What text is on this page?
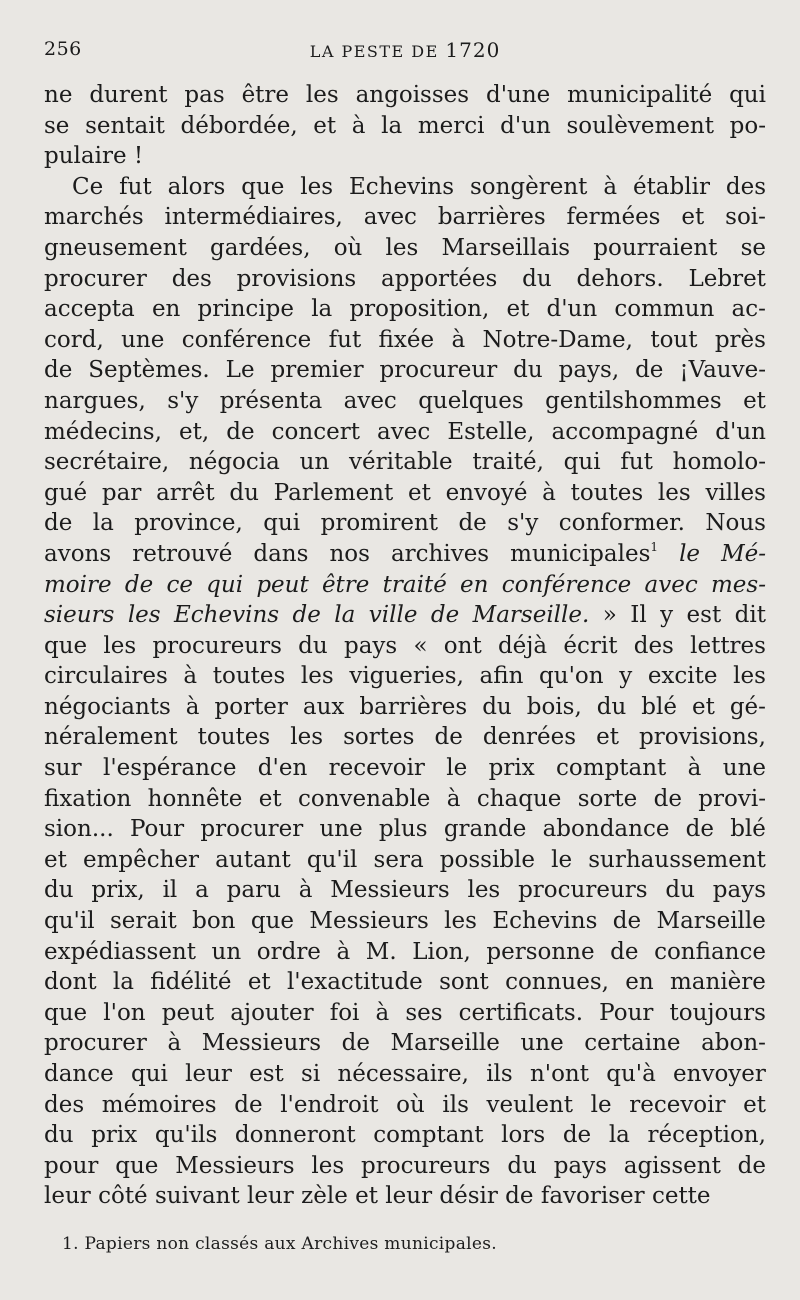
256	LA PESTE DE 1720
ne durent pas être les angoisses d'une municipalité qui
se sentait débordée, et à la merci d'un soulèvement po-
pulaire !
Ce fut alors que les Echevins songèrent à établir des
marchés intermédiaires, avec barrières fermées et soi-
gneusement gardées, où les Marseillais pourraient se
procurer des provisions apportées du dehors. Lebret
accepta en principe la proposition, et d'un commun ac-
cord, une conférence fut fixée à Notre-Dame, tout près
de Septèmes. Le premier procureur du pays, de ¡Vauve-
nargues, s'y présenta avec quelques gentilshommes et
médecins, et, de concert avec Estelle, accompagné d'un
secrétaire, négocia un véritable traité, qui fut homolo-
gué par arrêt du Parlement et envoyé à toutes les villes
de la province, qui promirent de s'y conformer. Nous
avons retrouvé dans nos archives municipales$^1$ le Mé-
moire de ce qui peut être traité en conférence avec mes-
sieurs les Echevins de la ville de Marseille. » Il y est dit
que les procureurs du pays « ont déjà écrit des lettres
circulaires à toutes les vigueries, afin qu'on y excite les
négociants à porter aux barrières du bois, du blé et gé-
néralement toutes les sortes de denrées et provisions,
sur l'espérance d'en recevoir le prix comptant à une
fixation honnête et convenable à chaque sorte de provi-
sion... Pour procurer une plus grande abondance de blé
et empêcher autant qu'il sera possible le surhaussement
du prix, il a paru à Messieurs les procureurs du pays
qu'il serait bon que Messieurs les Echevins de Marseille
expédiassent un ordre à M. Lion, personne de confiance
dont la fidélité et l'exactitude sont connues, en manière
que l'on peut ajouter foi à ses certificats. Pour toujours
procurer à Messieurs de Marseille une certaine abon-
dance qui leur est si nécessaire, ils n'ont qu'à envoyer
des mémoires de l'endroit où ils veulent le recevoir et
du prix qu'ils donneront comptant lors de la réception,
pour que Messieurs les procureurs du pays agissent de
leur côté suivant leur zèle et leur désir de favoriser cette
1. Papiers non classés aux Archives municipales.
